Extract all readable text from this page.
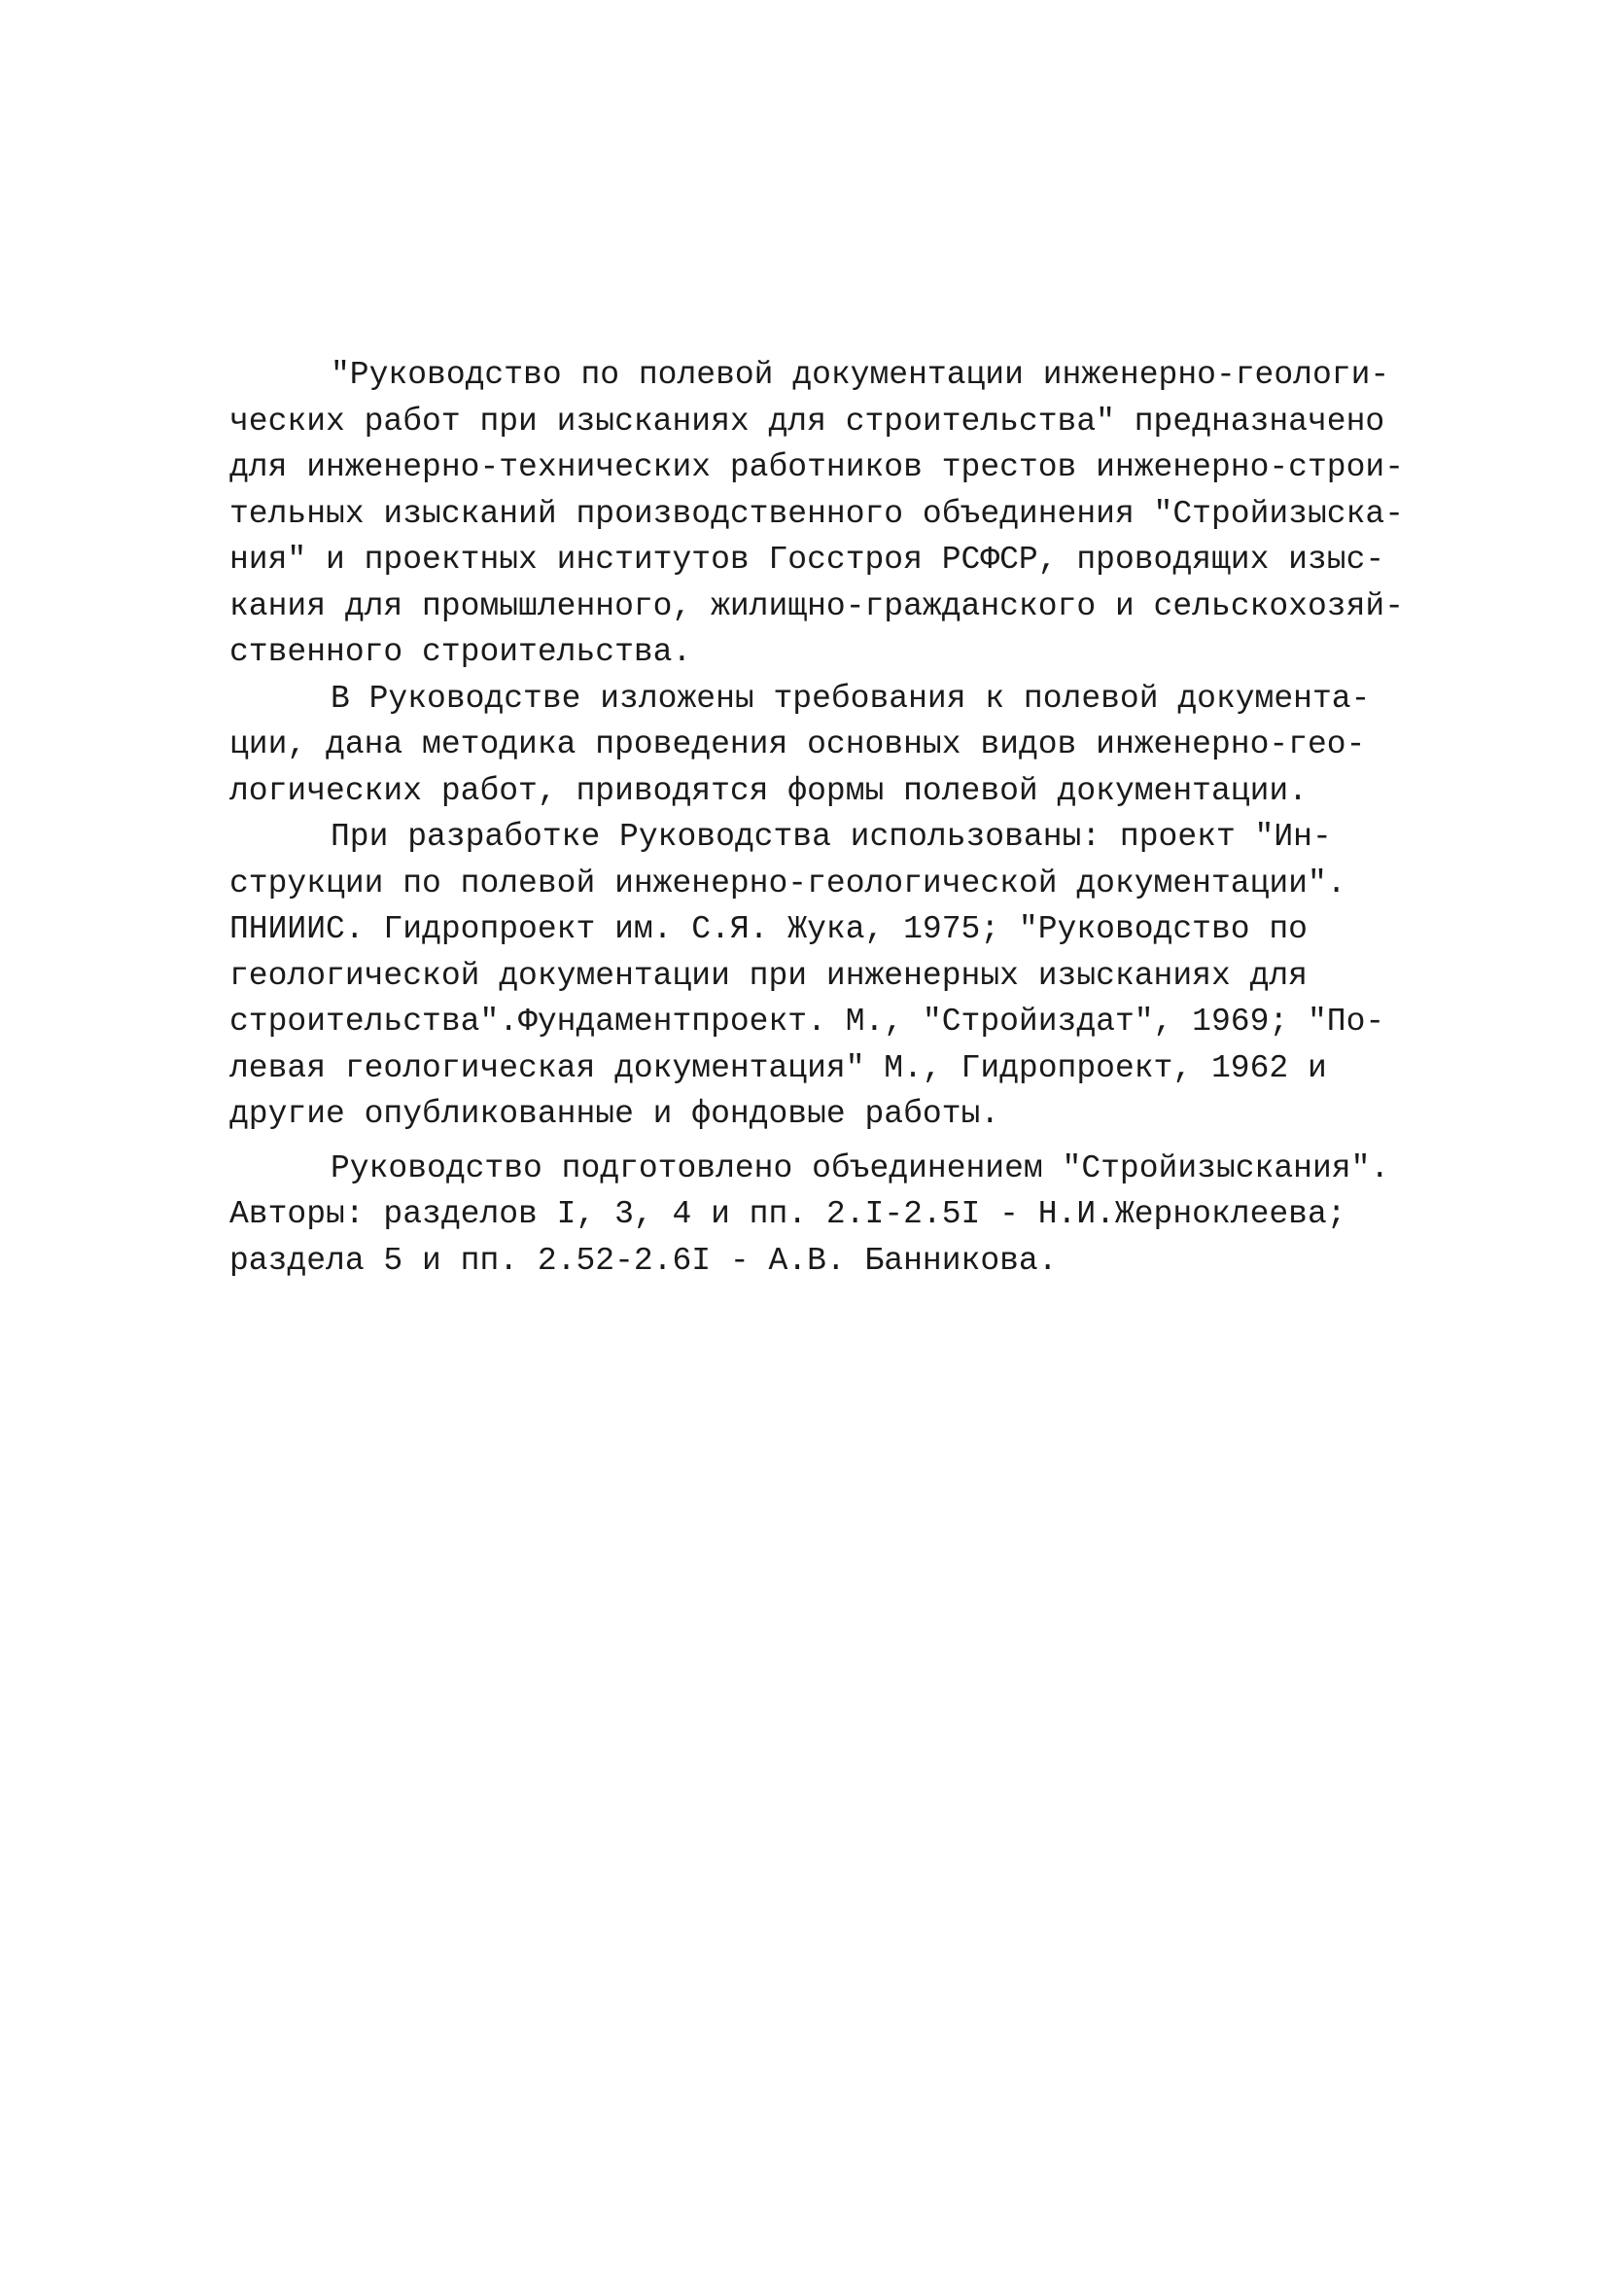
"Руководство по полевой документации инженерно-геологи-
ческих работ при изысканиях для строительства" предназначено
для инженерно-технических работников трестов инженерно-строи-
тельных изысканий производственного объединения "Стройизыска-
ния" и проектных институтов Госстроя РСФСР, проводящих изыс-
кания для промышленного, жилищно-гражданского и сельскохозяй-
ственного строительства.
В Руководстве изложены требования к полевой документа-
ции, дана методика проведения основных видов инженерно-гео-
логических работ, приводятся формы полевой документации.
При разработке Руководства использованы: проект "Ин-
струкции по полевой инженерно-геологической документации".
ПНИИИС. Гидропроект им. С.Я. Жука, 1975; "Руководство по
геологической документации при инженерных изысканиях для
строительства".Фундаментпроект. М., "Стройиздат", 1969; "По-
левая геологическая документация" М., Гидропроект, 1962 и
другие опубликованные и фондовые работы.
Руководство подготовлено объединением "Стройизыскания".
Авторы: разделов I, 3, 4 и пп. 2.I-2.5I - Н.И.Жерноклеева;
раздела 5 и пп. 2.52-2.6I - А.В. Банникова.
